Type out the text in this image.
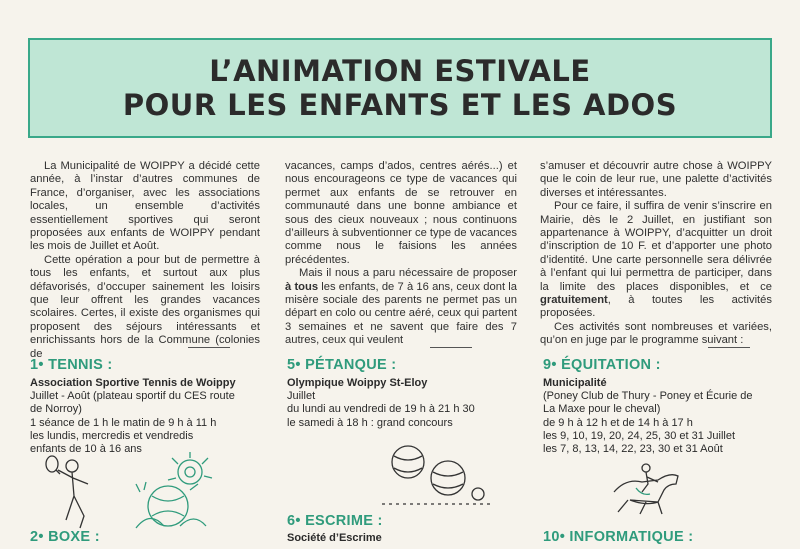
L’ANIMATION ESTIVALE
POUR LES ENFANTS ET LES ADOS

La Municipalité de WOIPPY a décidé cette année, à l’instar d’autres communes de France, d’organiser, avec les associations locales, un ensemble d’activités essentiellement sportives qui seront proposées aux enfants de WOIPPY pendant les mois de Juillet et Août.

Cette opération a pour but de permettre à tous les enfants, et surtout aux plus défavorisés, d’occuper sainement les loisirs que leur offrent les grandes vacances scolaires. Certes, il existe des organismes qui proposent des séjours intéressants et enrichissants hors de la Commune (colonies de

vacances, camps d’ados, centres aérés...) et nous encourageons ce type de vacances qui permet aux enfants de se retrouver en communauté dans une bonne ambiance et sous des cieux nouveaux ; nous continuons d’ailleurs à subventionner ce type de vacances comme nous le faisions les années précédentes.

Mais il nous a paru nécessaire de proposer à tous les enfants, de 7 à 16 ans, ceux dont la misère sociale des parents ne permet pas un départ en colo ou centre aéré, ceux qui partent 3 semaines et ne savent que faire des 7 autres, ceux qui veulent

s’amuser et découvrir autre chose à WOIPPY que le coin de leur rue, une palette d’activités diverses et intéressantes.

Pour ce faire, il suffira de venir s’inscrire en Mairie, dès le 2 Juillet, en justifiant son appartenance à WOIPPY, d’acquitter un droit d’inscription de 10 F. et d’apporter une photo d’identité. Une carte personnelle sera délivrée à l’enfant qui lui permettra de participer, dans la limite des places disponibles, et ce gratuitement, à toutes les activités proposées.

Ces activités sont nombreuses et variées, qu’on en juge par le programme suivant :

1• TENNIS :
Association Sportive Tennis de Woippy
Juillet - Août (plateau sportif du CES route
de Norroy)
1 séance de 1 h le matin de 9 h à 11 h
les lundis, mercredis et vendredis
enfants de 10 à 16 ans
2• BOXE :
5• PÉTANQUE :
Olympique Woippy St-Eloy
Juillet
du lundi au vendredi de 19 h à 21 h 30
le samedi à 18 h : grand concours
6• ESCRIME :
Société d’Escrime
9• ÉQUITATION :
Municipalité
(Poney Club de Thury - Poney et Écurie de
La Maxe pour le cheval)
de 9 h à 12 h et de 14 h à 17 h
les 9, 10, 19, 20, 24, 25, 30 et 31 Juillet
les 7, 8, 13, 14, 22, 23, 30 et 31 Août
10• INFORMATIQUE :
